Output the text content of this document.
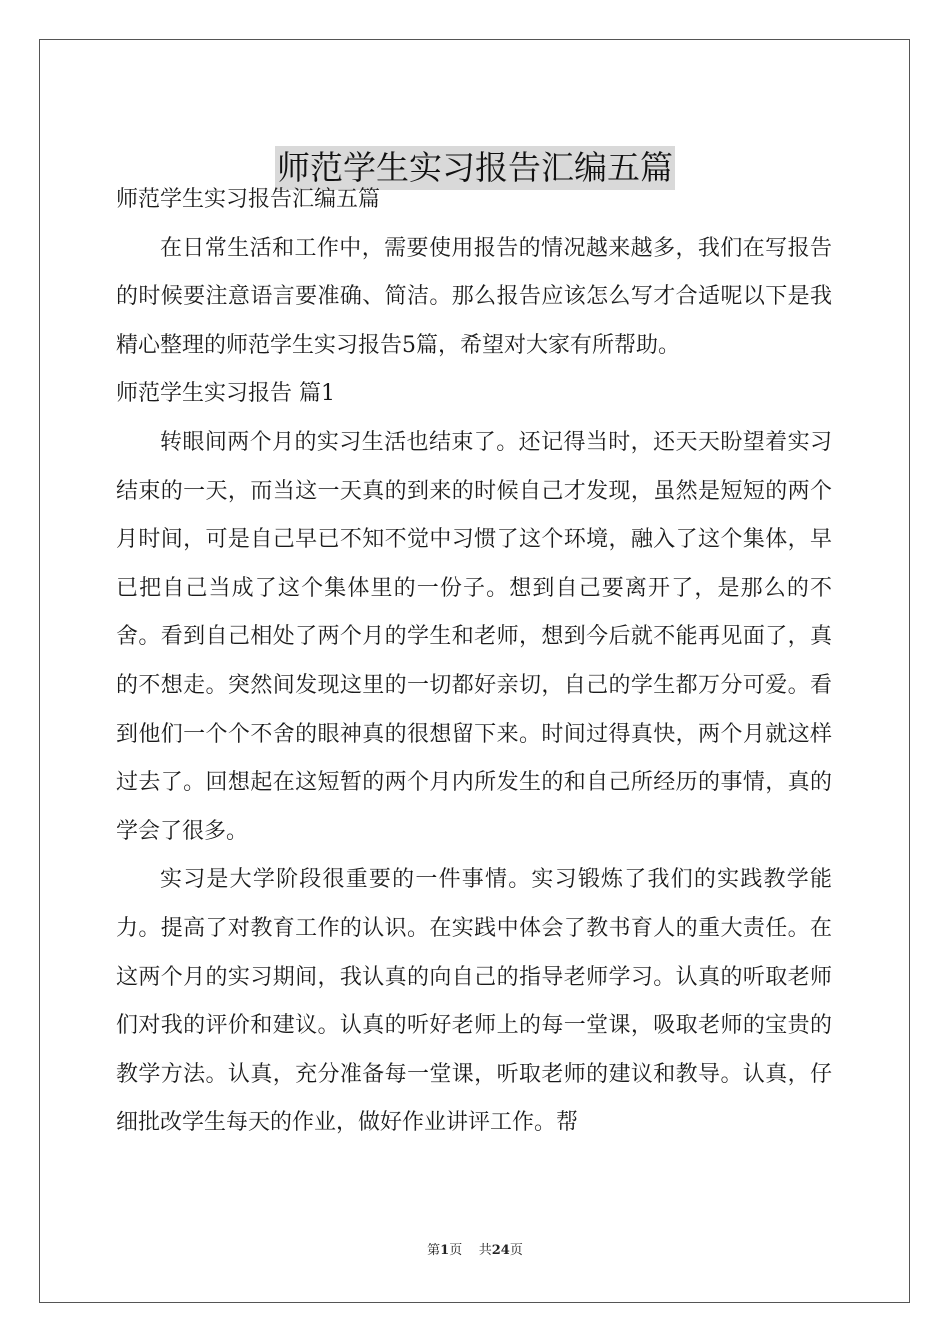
师范学生实习报告汇编五篇

师范学生实习报告汇编五篇

在日常生活和工作中，需要使用报告的情况越来越多，我们在写报告的时候要注意语言要准确、简洁。那么报告应该怎么写才合适呢以下是我精心整理的师范学生实习报告5篇，希望对大家有所帮助。

师范学生实习报告 篇1

转眼间两个月的实习生活也结束了。还记得当时，还天天盼望着实习结束的一天，而当这一天真的到来的时候自己才发现，虽然是短短的两个月时间，可是自己早已不知不觉中习惯了这个环境，融入了这个集体，早已把自己当成了这个集体里的一份子。想到自己要离开了，是那么的不舍。看到自己相处了两个月的学生和老师，想到今后就不能再见面了，真的不想走。突然间发现这里的一切都好亲切，自己的学生都万分可爱。看到他们一个个不舍的眼神真的很想留下来。时间过得真快，两个月就这样过去了。回想起在这短暂的两个月内所发生的和自己所经历的事情，真的学会了很多。

实习是大学阶段很重要的一件事情。实习锻炼了我们的实践教学能力。提高了对教育工作的认识。在实践中体会了教书育人的重大责任。在这两个月的实习期间，我认真的向自己的指导老师学习。认真的听取老师们对我的评价和建议。认真的听好老师上的每一堂课，吸取老师的宝贵的教学方法。认真，充分准备每一堂课，听取老师的建议和教导。认真，仔细批改学生每天的作业，做好作业讲评工作。帮

第1页 共24页
